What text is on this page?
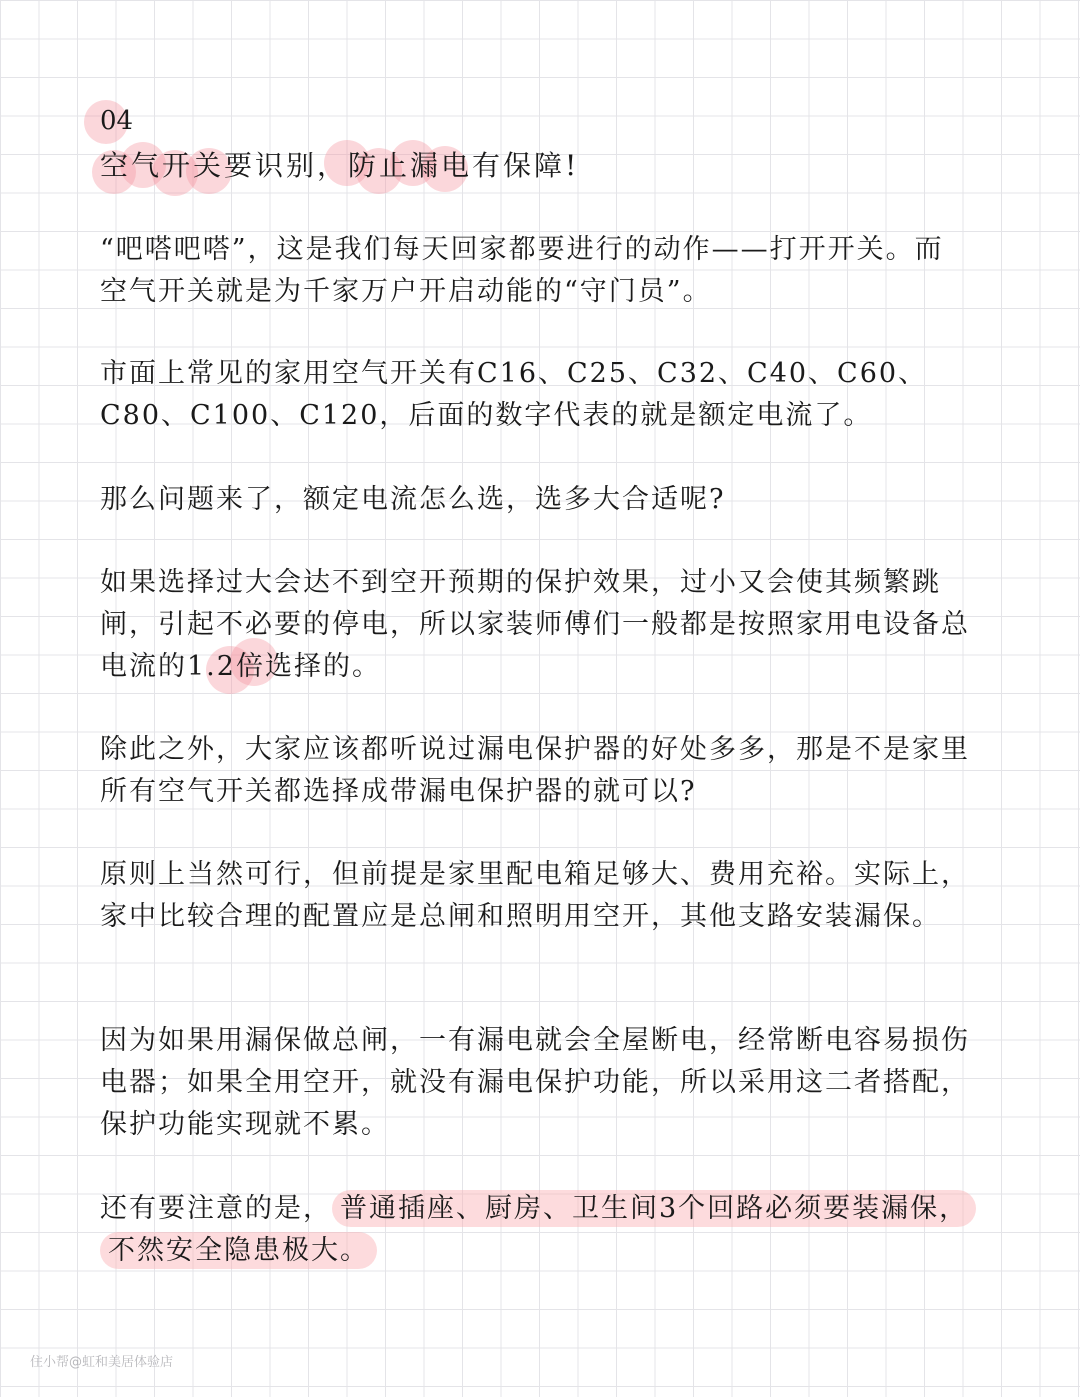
04
空气开关要识别，防止漏电有保障!

“吧嗒吧嗒”，这是我们每天回家都要进行的动作——打开开关。而空气开关就是为千家万户开启动能的“守门员”。

市面上常见的家用空气开关有C16、C25、C32、C40、C60、C80、C100、C120，后面的数字代表的就是额定电流了。

那么问题来了，额定电流怎么选，选多大合适呢?

如果选择过大会达不到空开预期的保护效果，过小又会使其频繁跳闸，引起不必要的停电，所以家装师傅们一般都是按照家用电设备总电流的1.2倍选择的。

除此之外，大家应该都听说过漏电保护器的好处多多，那是不是家里所有空气开关都选择成带漏电保护器的就可以?

原则上当然可行，但前提是家里配电箱足够大、费用充裕。实际上，家中比较合理的配置应是总闸和照明用空开，其他支路安装漏保。

因为如果用漏保做总闸，一有漏电就会全屋断电，经常断电容易损伤电器；如果全用空开，就没有漏电保护功能，所以采用这二者搭配，保护功能实现就不累。

还有要注意的是， 普通插座、厨房、卫生间3个回路必须要装漏保，不然安全隐患极大。

住小帮@虹和美居体验店
